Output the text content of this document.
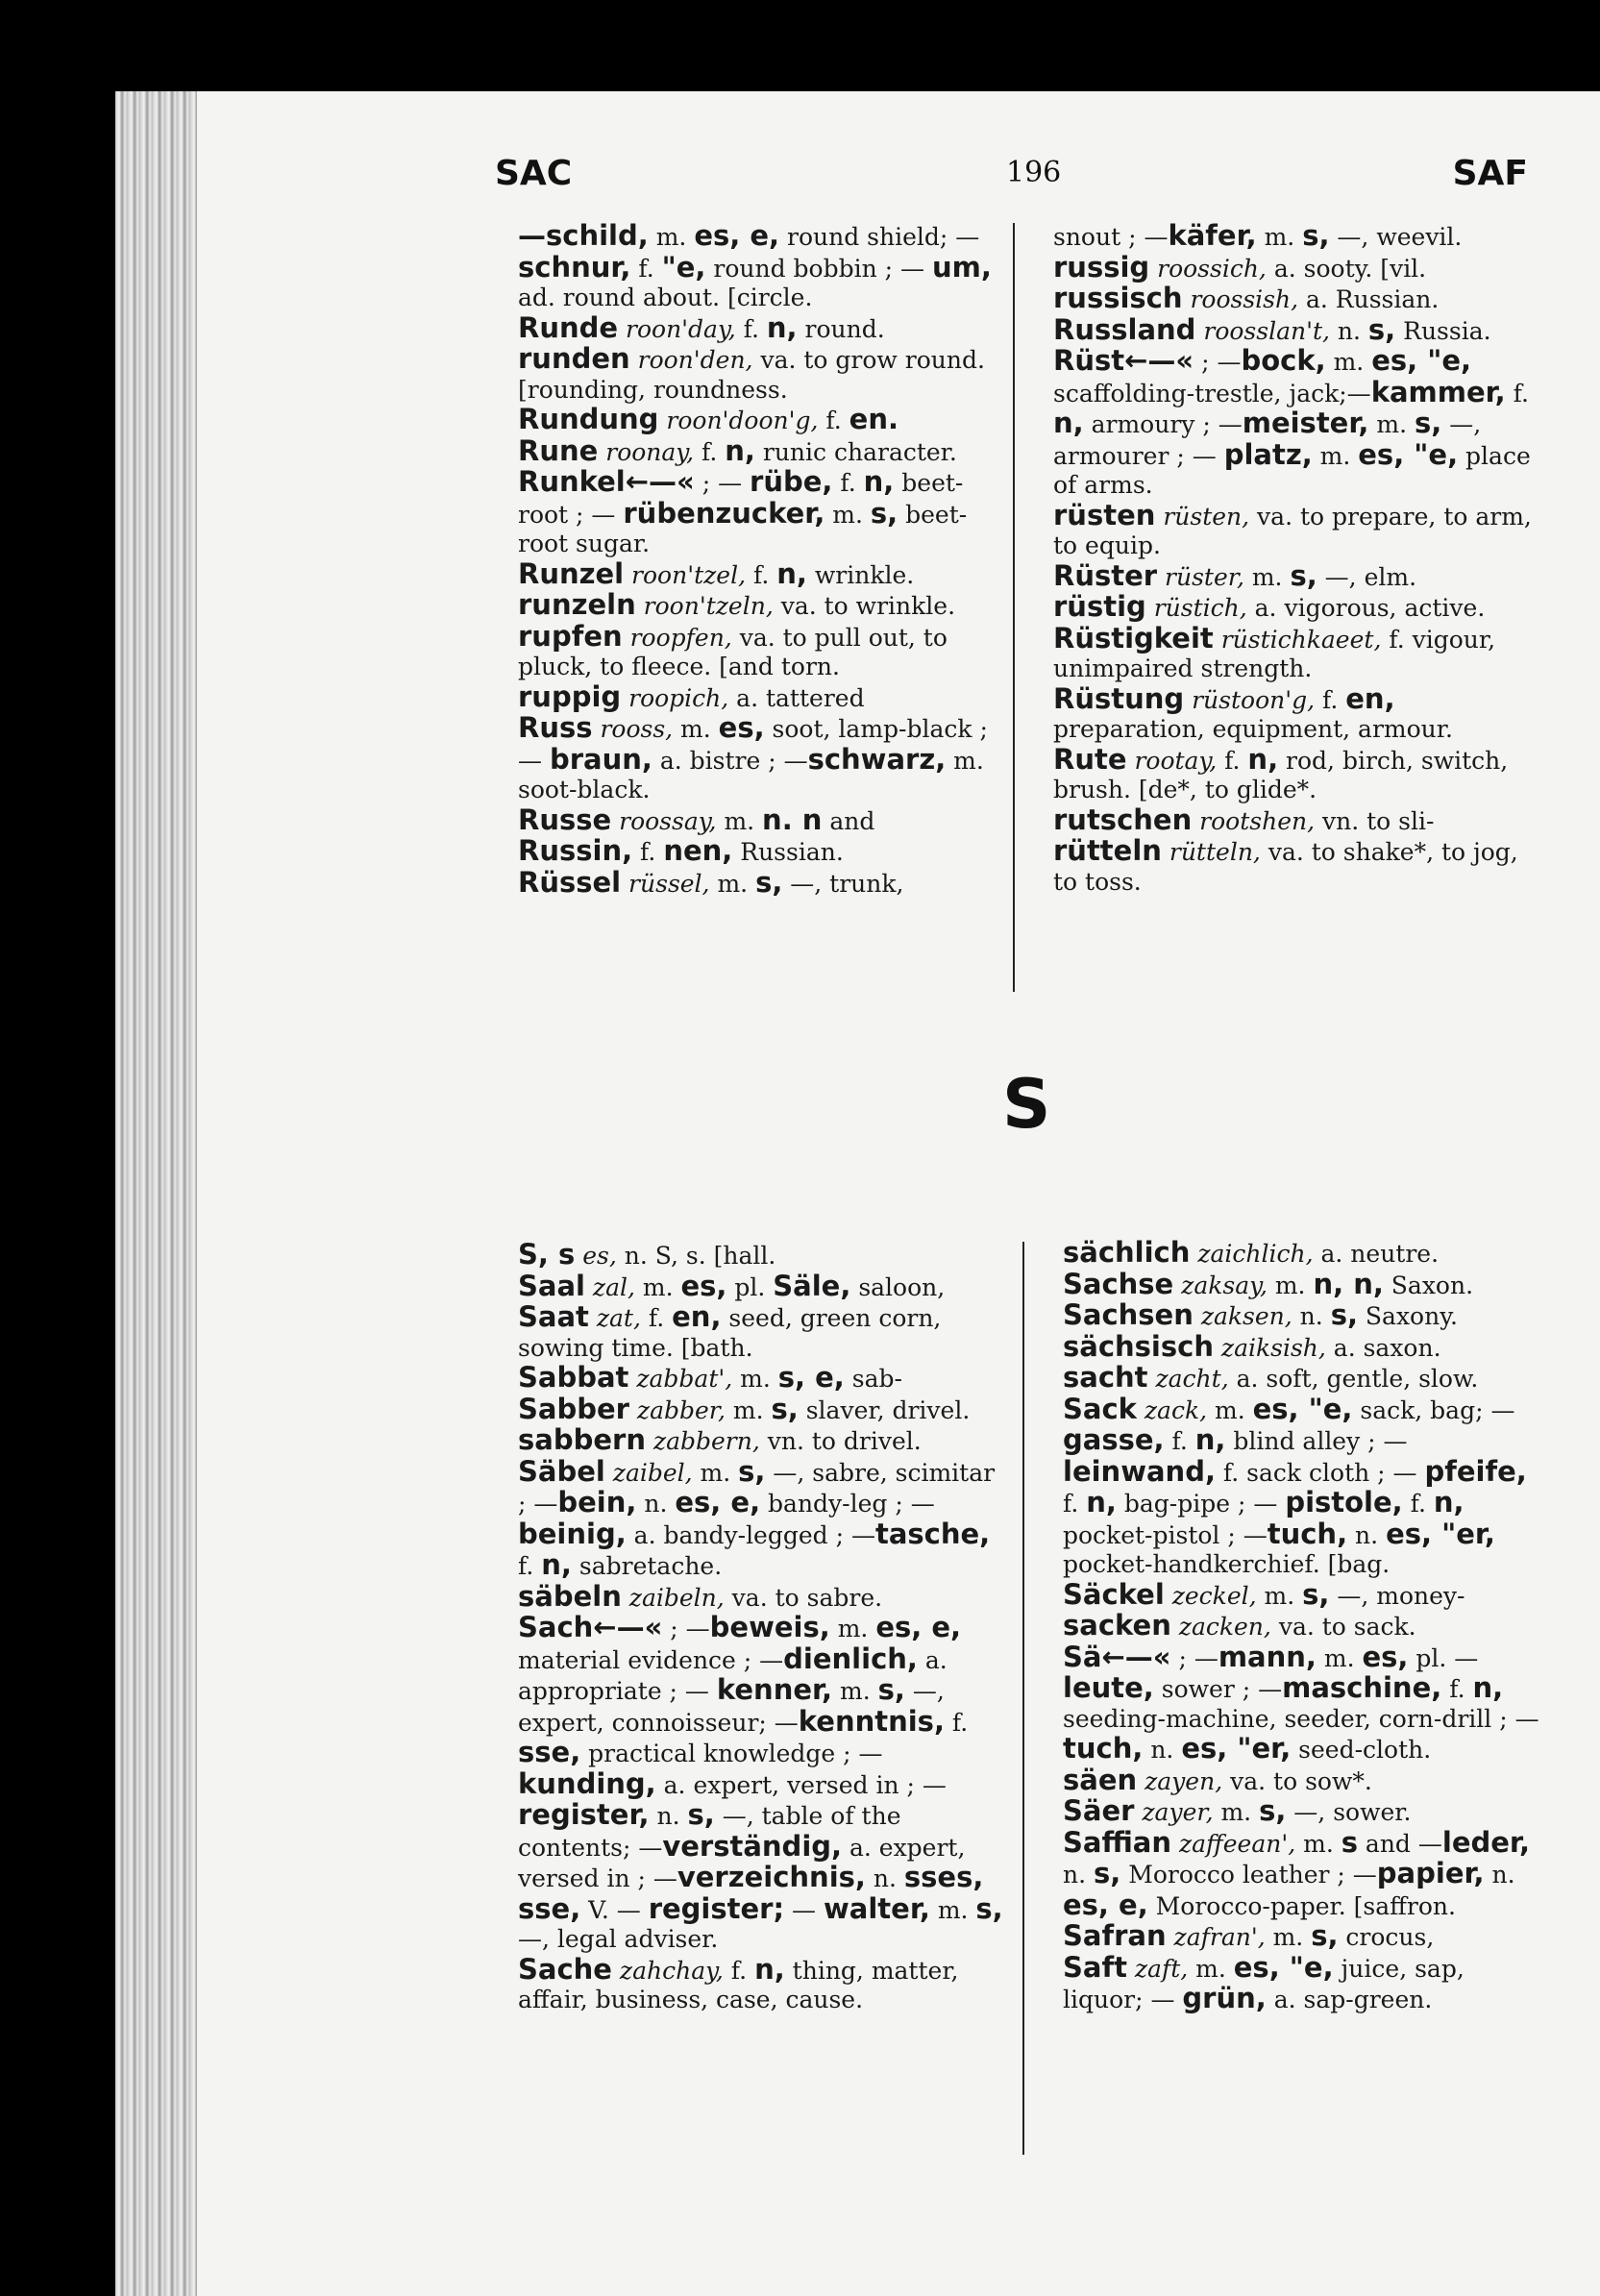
SAC	196	SAF

—schild, m. es, e, round shield; — schnur, f. "e, round bobbin ; — um, ad. round about. [circle.

Runde roon'day, f. n, round.

runden roon'den, va. to grow round. [rounding, roundness.

Rundung roon'doon'g, f. en.

Rune roonay, f. n, runic character.

Runkel←—« ; — rübe, f. n, beet-root ; — rübenzucker, m. s, beet-root sugar.

Runzel roon'tzel, f. n, wrinkle.

runzeln roon'tzeln, va. to wrinkle.

rupfen roopfen, va. to pull out, to pluck, to fleece. [and torn.

ruppig roopich, a. tattered

Russ rooss, m. es, soot, lamp-black ; — braun, a. bistre ; —schwarz, m. soot-black.

Russe roossay, m. n. n and Russin, f. nen, Russian.

Rüssel rüssel, m. s, —, trunk,

snout ; —käfer, m. s, —, weevil.

russig roossich, a. sooty. [vil.

russisch roossish, a. Russian.

Russland roosslan't, n. s, Russia.

Rüst←—« ; —bock, m. es, "e, scaffolding-trestle, jack;—kammer, f. n, armoury ; —meister, m. s, —, armourer ; — platz, m. es, "e, place of arms.

rüsten rüsten, va. to prepare, to arm, to equip.

Rüster rüster, m. s, —, elm.

rüstig rüstich, a. vigorous, active.

Rüstigkeit rüstichkaeet, f. vigour, unimpaired strength.

Rüstung rüstoon'g, f. en, preparation, equipment, armour.

Rute rootay, f. n, rod, birch, switch, brush. [de*, to glide*.

rutschen rootshen, vn. to sli-

rütteln rütteln, va. to shake*, to jog, to toss.

S

S, s es, n. S, s. [hall.

Saal zal, m. es, pl. Säle, saloon,

Saat zat, f. en, seed, green corn, sowing time. [bath.

Sabbat zabbat', m. s, e, sab-

Sabber zabber, m. s, slaver, drivel.

sabbern zabbern, vn. to drivel.

Säbel zaibel, m. s, —, sabre, scimitar ; —bein, n. es, e, bandy-leg ; —beinig, a. bandy-legged ; —tasche, f. n, sabretache.

säbeln zaibeln, va. to sabre.

Sach←—« ; —beweis, m. es, e, material evidence ; —dienlich, a. appropriate ; — kenner, m. s, —, expert, connoisseur; —kenntnis, f. sse, practical knowledge ; —kunding, a. expert, versed in ; —register, n. s, —, table of the contents; —verständig, a. expert, versed in ; —verzeichnis, n. sses, sse, V. — register; — walter, m. s, —, legal adviser.

Sache zahchay, f. n, thing, matter, affair, business, case, cause.

sächlich zaichlich, a. neutre.

Sachse zaksay, m. n, n, Saxon.

Sachsen zaksen, n. s, Saxony.

sächsisch zaiksish, a. saxon.

sacht zacht, a. soft, gentle, slow.

Sack zack, m. es, "e, sack, bag; —gasse, f. n, blind alley ; —leinwand, f. sack cloth ; — pfeife, f. n, bag-pipe ; — pistole, f. n, pocket-pistol ; —tuch, n. es, "er, pocket-handkerchief. [bag.

Säckel zeckel, m. s, —, money-

sacken zacken, va. to sack.

Sä←—« ; —mann, m. es, pl. —leute, sower ; —maschine, f. n, seeding-machine, seeder, corn-drill ; —tuch, n. es, "er, seed-cloth.

säen zayen, va. to sow*.

Säer zayer, m. s, —, sower.

Saffian zaffeean', m. s and —leder, n. s, Morocco leather ; —papier, n. es, e, Morocco-paper. [saffron.

Safran zafran', m. s, crocus,

Saft zaft, m. es, "e, juice, sap, liquor; — grün, a. sap-green.
